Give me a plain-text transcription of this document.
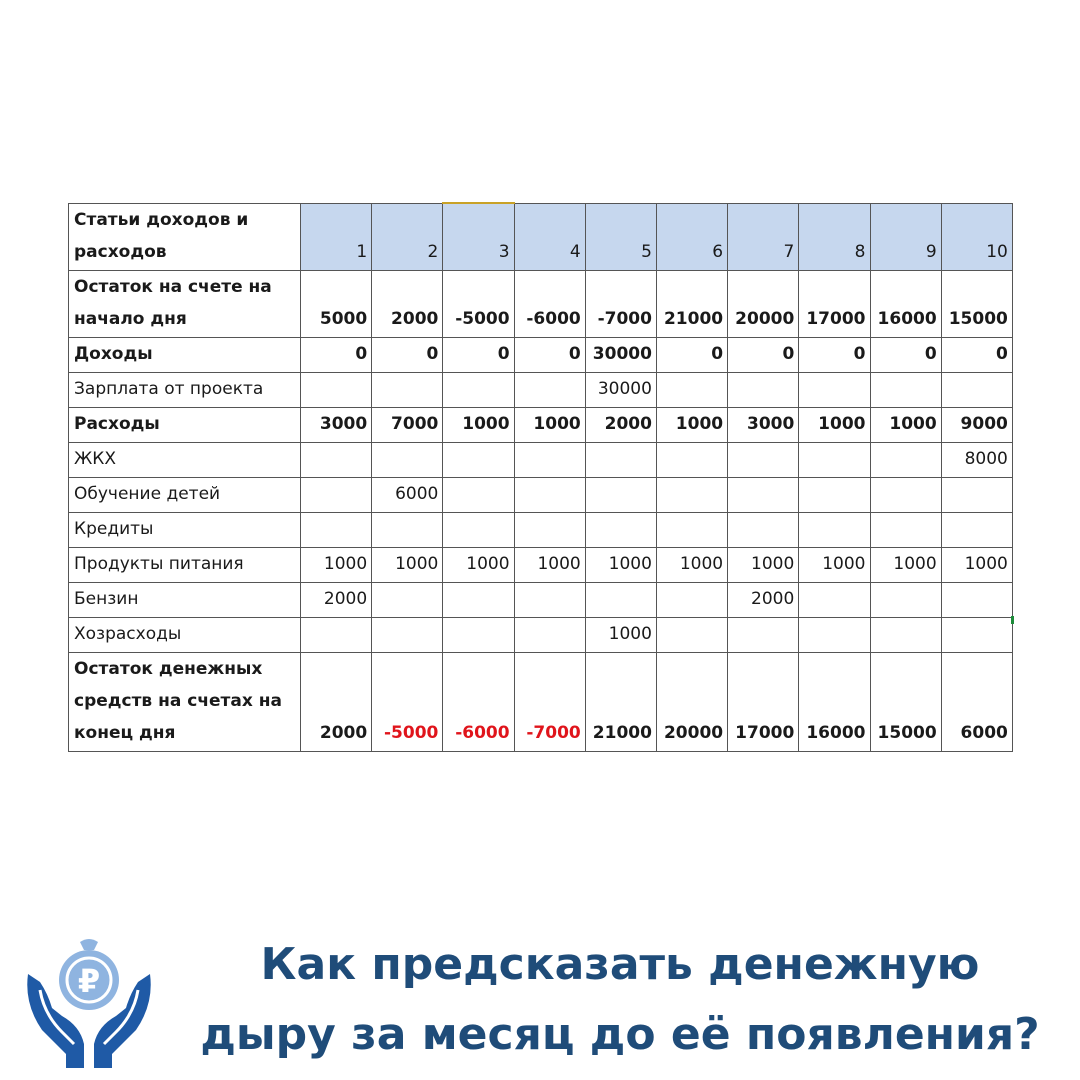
Статьи доходов и расходов	1	2	3	4	5	6	7	8	9	10
Остаток на счете на начало дня	5000	2000	-5000	-6000	-7000	21000	20000	17000	16000	15000
Доходы	0	0	0	0	30000	0	0	0	0	0
Зарплата от проекта					30000					
Расходы	3000	7000	1000	1000	2000	1000	3000	1000	1000	9000
ЖКХ										8000
Обучение детей		6000								
Кредиты										
Продукты питания	1000	1000	1000	1000	1000	1000	1000	1000	1000	1000
Бензин	2000						2000			
Хозрасходы					1000					
Остаток денежных средств на счетах на конец дня	2000	-5000	-6000	-7000	21000	20000	17000	16000	15000	6000
₽	Как предсказать денежную
дыру за месяц до её появления?
